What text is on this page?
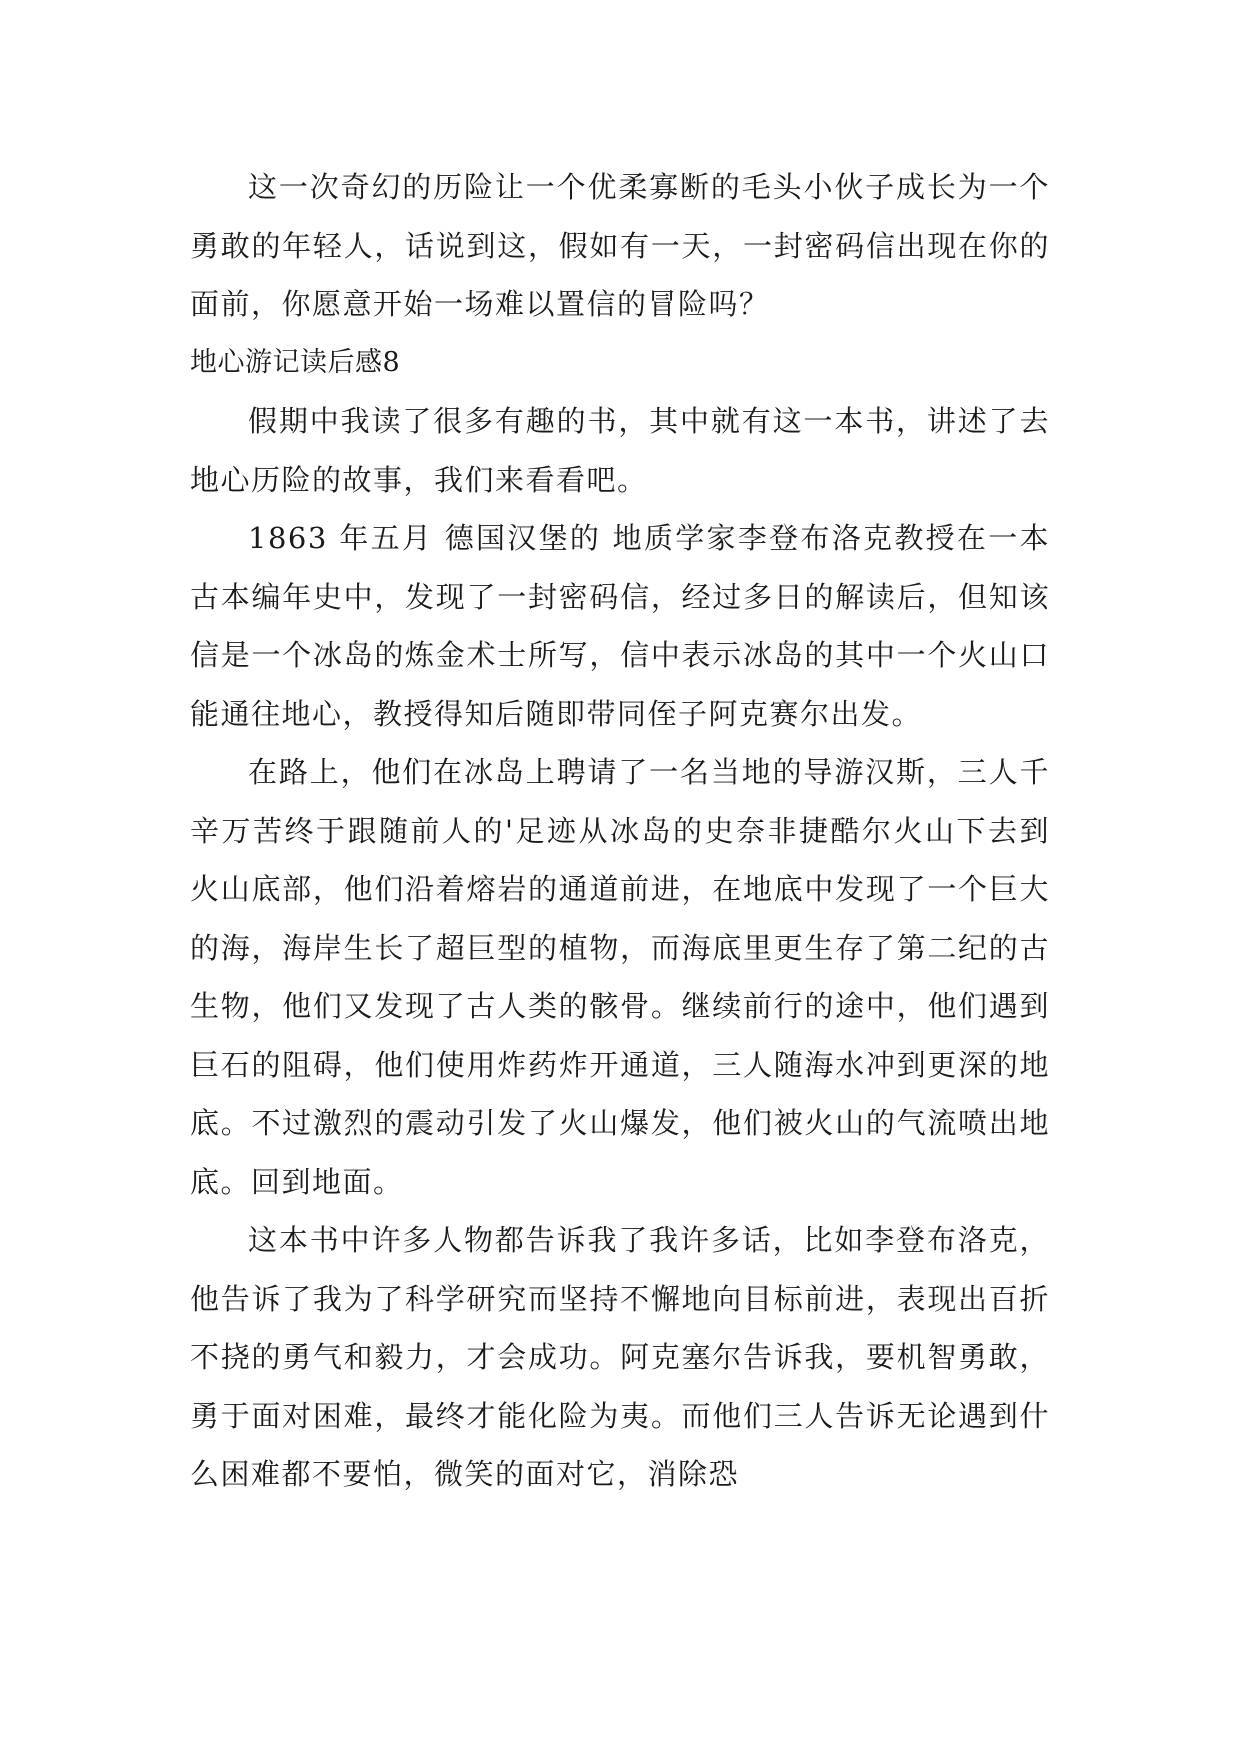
这一次奇幻的历险让一个优柔寡断的毛头小伙子成长为一个勇敢的年轻人，话说到这，假如有一天，一封密码信出现在你的面前，你愿意开始一场难以置信的冒险吗？

地心游记读后感8

假期中我读了很多有趣的书，其中就有这一本书，讲述了去地心历险的故事，我们来看看吧。

1863 年五月 德国汉堡的 地质学家李登布洛克教授在一本古本编年史中，发现了一封密码信，经过多日的解读后，但知该信是一个冰岛的炼金术士所写，信中表示冰岛的其中一个火山口能通往地心，教授得知后随即带同侄子阿克赛尔出发。

在路上，他们在冰岛上聘请了一名当地的导游汉斯，三人千辛万苦终于跟随前人的'足迹从冰岛的史奈非捷酷尔火山下去到火山底部，他们沿着熔岩的通道前进，在地底中发现了一个巨大的海，海岸生长了超巨型的植物，而海底里更生存了第二纪的古生物，他们又发现了古人类的骸骨。继续前行的途中，他们遇到巨石的阻碍，他们使用炸药炸开通道，三人随海水冲到更深的地底。不过激烈的震动引发了火山爆发，他们被火山的气流喷出地底。回到地面。

这本书中许多人物都告诉我了我许多话，比如李登布洛克，他告诉了我为了科学研究而坚持不懈地向目标前进，表现出百折不挠的勇气和毅力，才会成功。阿克塞尔告诉我，要机智勇敢，勇于面对困难，最终才能化险为夷。而他们三人告诉无论遇到什么困难都不要怕，微笑的面对它，消除恐
